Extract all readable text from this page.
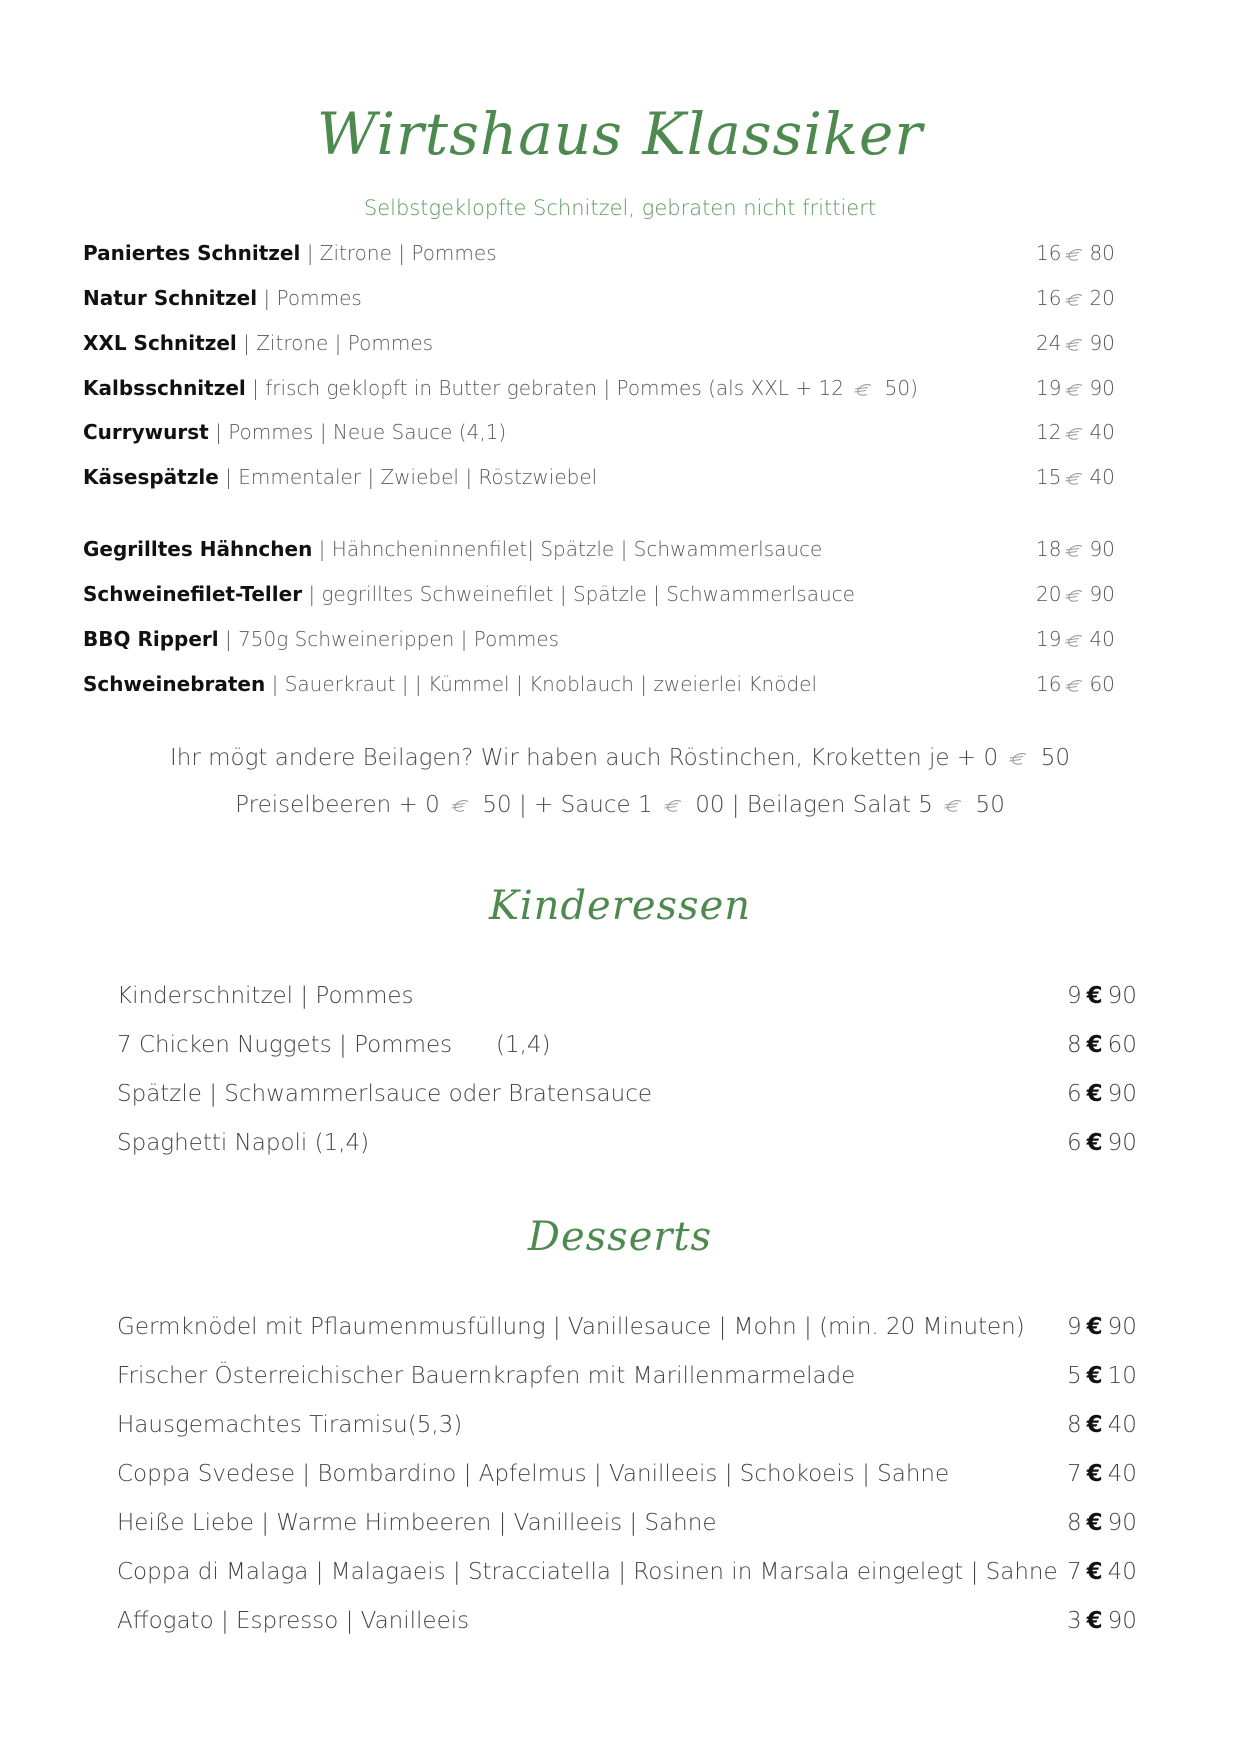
Wirtshaus Klassiker
Selbstgeklopfte Schnitzel, gebraten nicht frittiert
Paniertes Schnitzel | Zitrone | Pommes	16 80
Natur Schnitzel | Pommes	16 20
XXL Schnitzel | Zitrone | Pommes	24 90
Kalbsschnitzel | frisch geklopft in Butter gebraten | Pommes (als XXL + 12
50)	19 90
Currywurst | Pommes | Neue Sauce (4,1)	12 40
Käsespätzle | Emmentaler | Zwiebel | Röstzwiebel	15 40
Gegrilltes Hähnchen | Hähncheninnenfilet| Spätzle | Schwammerlsauce	18 90
Schweinefilet-Teller | gegrilltes Schweinefilet | Spätzle | Schwammerlsauce	20 90
BBQ Ripperl | 750g Schweinerippen | Pommes	19 40
Schweinebraten | Sauerkraut | | Kümmel | Knoblauch | zweierlei Knödel	16 60
Ihr mögt andere Beilagen? Wir haben auch Röstinchen, Kroketten je + 0
50
Preiselbeeren + 0
50 | + Sauce 1
00 | Beilagen Salat 5
50
Kinderessen
Kinderschnitzel | Pommes	9 € 90
7 Chicken Nuggets | Pommes      (1,4)	8 € 60
Spätzle | Schwammerlsauce oder Bratensauce	6 € 90
Spaghetti Napoli (1,4)	6 € 90
Desserts
Germknödel mit Pflaumenmusfüllung | Vanillesauce | Mohn | (min. 20 Minuten) 9 € 90
Frischer Österreichischer Bauernkrapfen mit Marillenmarmelade	5 € 10
Hausgemachtes Tiramisu(5,3)	8 € 40
Coppa Svedese | Bombardino | Apfelmus | Vanilleeis | Schokoeis | Sahne	7 € 40
Heiße Liebe | Warme Himbeeren | Vanilleeis | Sahne	8 € 90
Coppa di Malaga | Malagaeis | Stracciatella | Rosinen in Marsala eingelegt | Sahne 7 € 40
Affogato | Espresso | Vanilleeis	3 € 90
